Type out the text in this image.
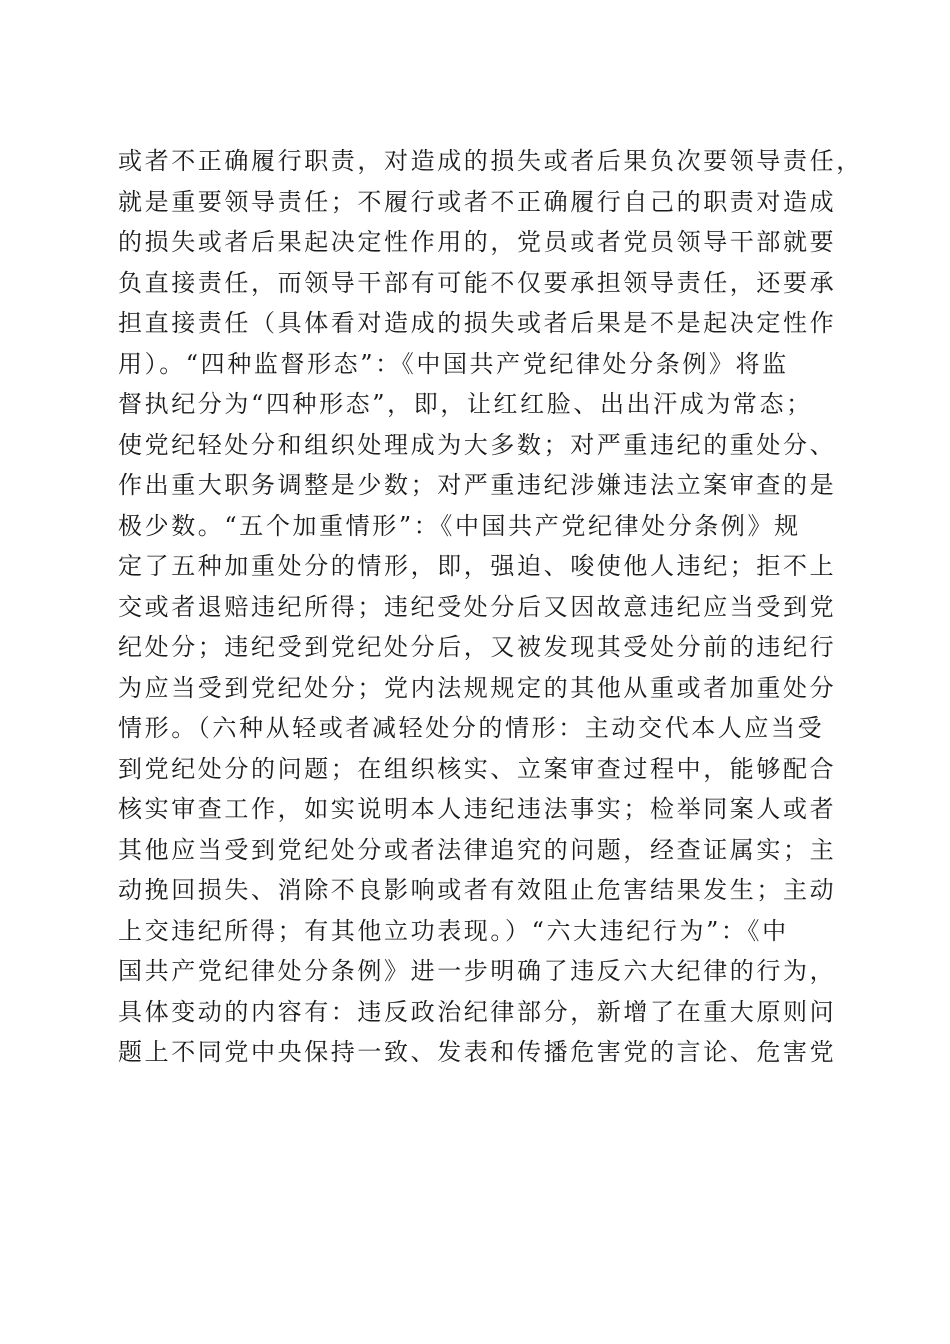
或者不正确履行职责，对造成的损失或者后果负次要领导责任，
就是重要领导责任；不履行或者不正确履行自己的职责对造成
的损失或者后果起决定性作用的，党员或者党员领导干部就要
负直接责任，而领导干部有可能不仅要承担领导责任，还要承
担直接责任（具体看对造成的损失或者后果是不是起决定性作
用）。“四种监督形态”：《中国共产党纪律处分条例》将监
督执纪分为“四种形态”，即，让红红脸、出出汗成为常态；
使党纪轻处分和组织处理成为大多数；对严重违纪的重处分、
作出重大职务调整是少数；对严重违纪涉嫌违法立案审查的是
极少数。“五个加重情形”：《中国共产党纪律处分条例》规
定了五种加重处分的情形，即，强迫、唆使他人违纪；拒不上
交或者退赔违纪所得；违纪受处分后又因故意违纪应当受到党
纪处分；违纪受到党纪处分后，又被发现其受处分前的违纪行
为应当受到党纪处分；党内法规规定的其他从重或者加重处分
情形。（六种从轻或者减轻处分的情形：主动交代本人应当受
到党纪处分的问题；在组织核实、立案审查过程中，能够配合
核实审查工作，如实说明本人违纪违法事实；检举同案人或者
其他应当受到党纪处分或者法律追究的问题，经查证属实；主
动挽回损失、消除不良影响或者有效阻止危害结果发生；主动
上交违纪所得；有其他立功表现。）“六大违纪行为”：《中
国共产党纪律处分条例》进一步明确了违反六大纪律的行为，
具体变动的内容有：违反政治纪律部分，新增了在重大原则问
题上不同党中央保持一致、发表和传播危害党的言论、危害党
